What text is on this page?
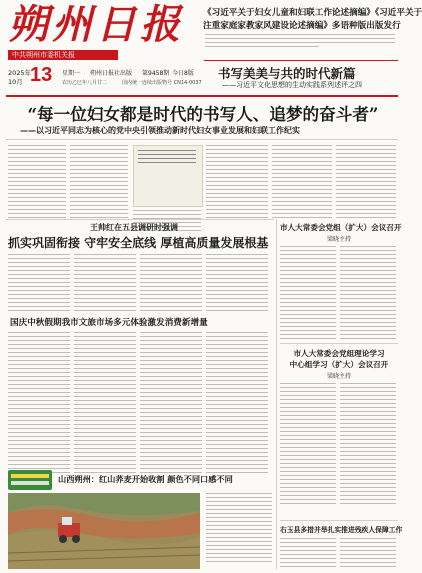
朔州日报
中共朔州市委机关报
《习近平关于妇女儿童和妇联工作论述摘编》《习近平关于
注重家庭家教家风建设论述摘编》多语种版出版发行
2025年
10月 13 星期一 朔州日报社出版 第9458期 今日8版
农历乙巳年八月廿二	国内统一连续出版物号 CN14-0037
书写美美与共的时代新篇
——习近平文化思想的生动实践系列述评之四
“每一位妇女都是时代的书写人、追梦的奋斗者”
——以习近平同志为核心的党中央引领推动新时代妇女事业发展和妇联工作纪实
王帅红在五县调研时强调
抓实巩固衔接 守牢安全底线 厚植高质量发展根基
国庆中秋假期我市文旅市场多元体验激发消费新增量
市人大常委会党组（扩大）会议召开
梁晓主持
市人大常委会党组理论学习
中心组学习（扩大）会议召开
梁晓主持
山西朔州：红山荞麦开始收割 颜色不同口感不同
右玉县多措并举扎实推进残疾人保障工作
